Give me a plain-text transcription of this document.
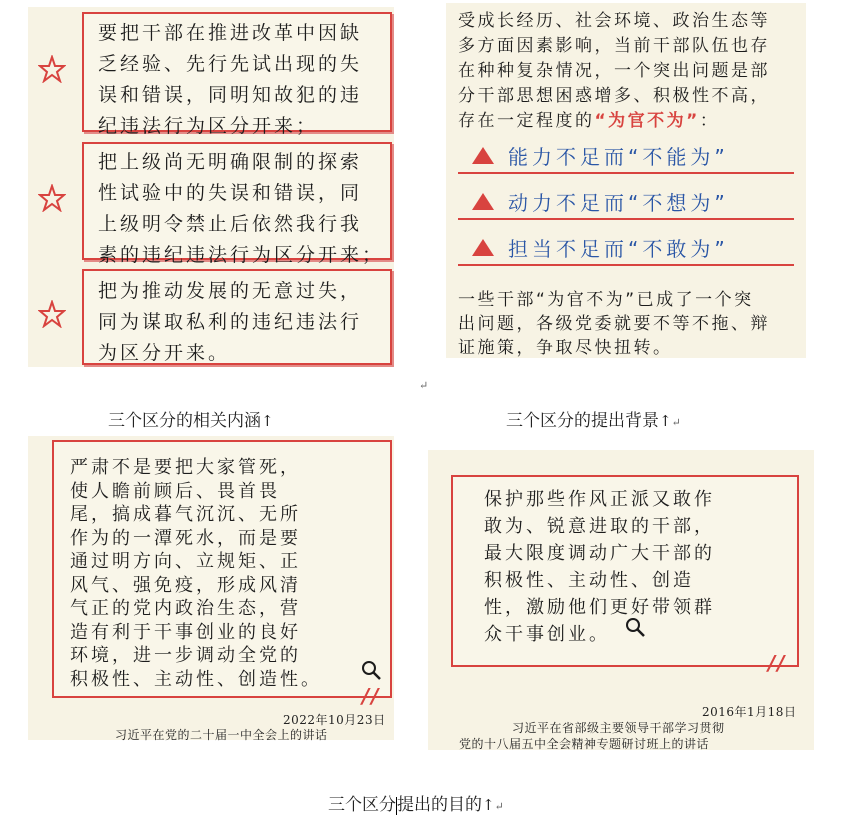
要把干部在推进改革中因缺
乏经验、先行先试出现的失
误和错误，同明知故犯的违
纪违法行为区分开来；
把上级尚无明确限制的探索
性试验中的失误和错误，同
上级明令禁止后依然我行我
素的违纪违法行为区分开来；
把为推动发展的无意过失，
同为谋取私利的违纪违法行
为区分开来。
受成长经历、社会环境、政治生态等
多方面因素影响，当前干部队伍也存
在种种复杂情况，一个突出问题是部
分干部思想困惑增多、积极性不高，
存在一定程度的“为官不为”：
能力不足而“不能为”
动力不足而“不想为”
担当不足而“不敢为”
一些干部“为官不为”已成了一个突
出问题，各级党委就要不等不拖、辩
证施策，争取尽快扭转。
↵
三个区分的相关内涵↑	三个区分的提出背景↑↵
严肃不是要把大家管死，
使人瞻前顾后、畏首畏
尾，搞成暮气沉沉、无所
作为的一潭死水，而是要
通过明方向、立规矩、正
风气、强免疫，形成风清
气正的党内政治生态，营
造有利于干事创业的良好
环境，进一步调动全党的
积极性、主动性、创造性。
//
2022年10月23日
习近平在党的二十届一中全会上的讲话
保护那些作风正派又敢作
敢为、锐意进取的干部，
最大限度调动广大干部的
积极性、主动性、创造
性，激励他们更好带领群
众干事创业。
//
2016年1月18日
习近平在省部级主要领导干部学习贯彻
党的十八届五中全会精神专题研讨班上的讲话
三个区分提出的目的↑↵
